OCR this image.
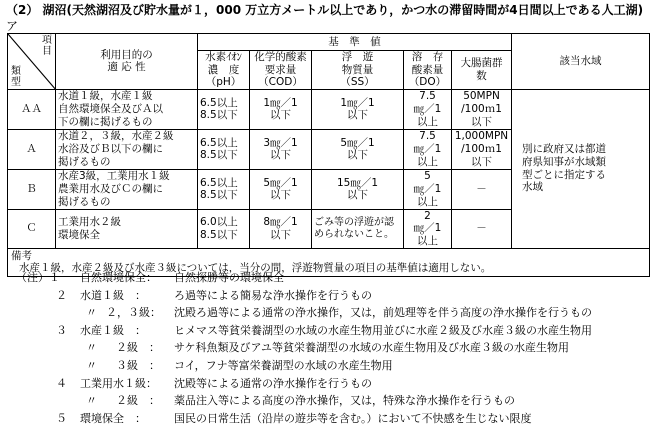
（2） 湖沼(天然湖沼及び貯水量が１，000 万立方メートル以上であり，かつ水の滞留時間が4日間以上である人工湖)
ア
項目
類型	利用目的の
適 応 性	基　準　値					該当水域
		水素ｲｵﾝ
濃　度
（pH）	化学的酸素
要求量
（COD）	浮　遊
物質量
（SS）	溶　存
酸素量
（DO）	大腸菌群
数	
ＡＡ	水道１級，水産１級
自然環境保全及びＡ以
下の欄に掲げるもの	6.5以上
8.5以下	1㎎／1
以下	1㎎／1
以下	7.5
㎎／1
以上	50MPN
/100ｍ1
以下	別に政府又は都道
府県知事が水域類
型ごとに指定する
水域
Ａ	水道２，３級，水産２級
水浴及びＢ以下の欄に
掲げるもの	6.5以上
8.5以下	3㎎／1
以下	5㎎／1
以下	7.5
㎎／1
以上	1,000MPN
/100ｍ1
以下	
Ｂ	水産3級，工業用水１級
農業用水及びＣの欄に
掲げるもの	6.5以上
8.5以下	5㎎／1
以下	15㎎／1
以下	5
㎎／1
以上	－	
Ｃ	工業用水２級
環境保全	6.0以上
8.5以下	8㎎／1
以下	ごみ等の浮遊が認
められないこと。	2
㎎／1
以上	－	

備考
水産１級，水産２級及び水産３級については，当分の間，浮遊物質量の項目の基準値は適用しない。							
（注）１ 自然環境保全： 自然探勝等の環境保全
２ 水道１級　：	ろ過等による簡易な浄水操作を行うもの
〃 ２，３級： 沈殿ろ過等による通常の浄水操作，又は，前処理等を伴う高度の浄水操作を行うもの
３ 水産１級　：	ヒメマス等貧栄養湖型の水域の水産生物用並びに水産２級及び水産３級の水産生物用
〃 ２級　： サケ科魚類及びアユ等貧栄養湖型の水域の水産生物用及び水産３級の水産生物用
〃 ３級　： コイ，フナ等富栄養湖型の水域の水産生物用
４ 工業用水１級： 沈殿等による通常の浄水操作を行うもの
〃 ２級　： 薬品注入等による高度の浄水操作，又は，特殊な浄水操作を行うもの
５ 環境保全　：	国民の日常生活（沿岸の遊歩等を含む。）において不快感を生じない限度
